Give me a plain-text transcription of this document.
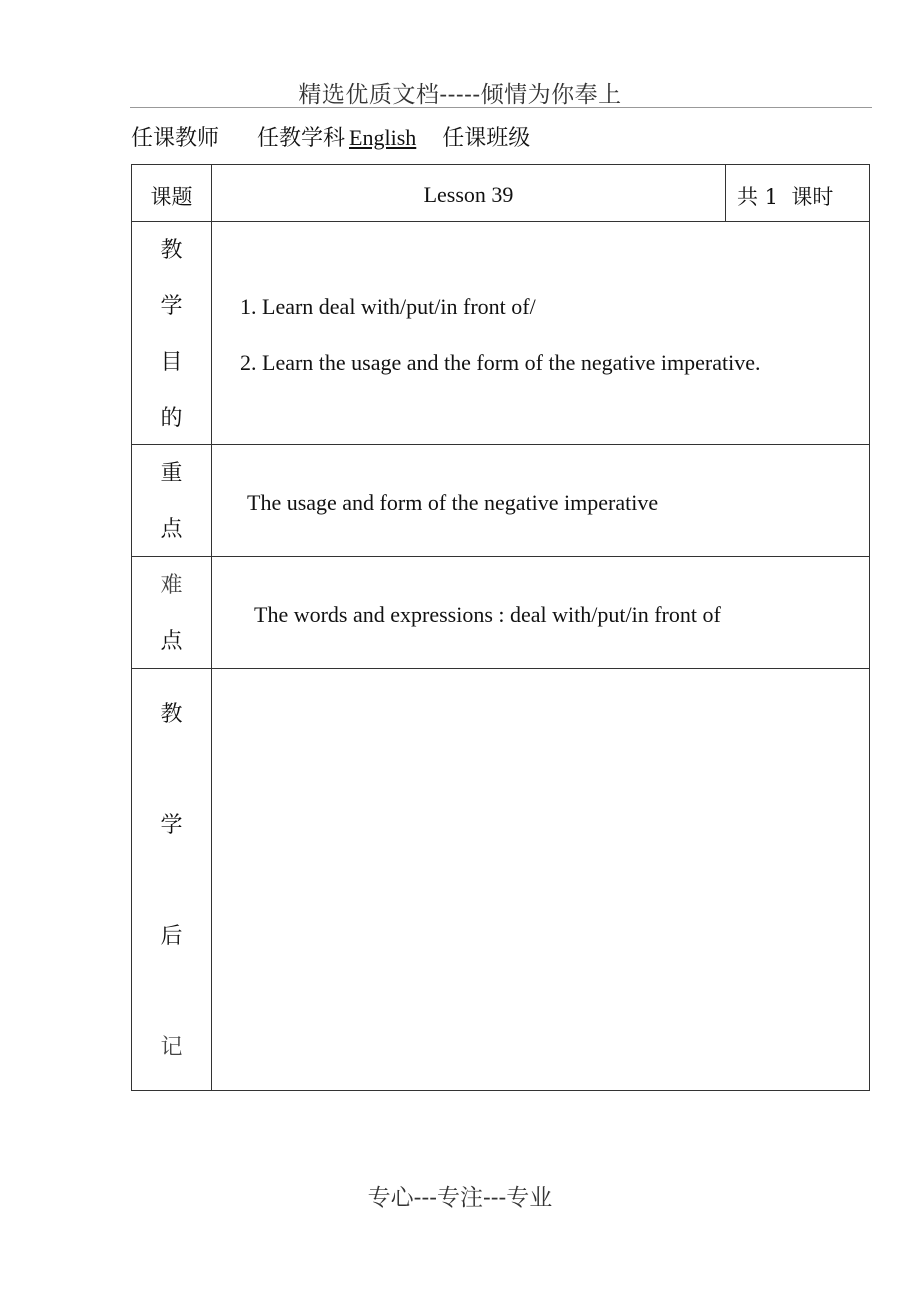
精选优质文档-----倾情为你奉上
任课教师 任教学科 English 任课班级
课题	Lesson 39	共 1  课时
教
学
目
的
1. Learn deal with/put/in front of/
2. Learn the usage and the form of the negative imperative.
重
点
The usage and form of the negative imperative
难
点
The words and expressions : deal with/put/in front of
教
学
后
记
专心---专注---专业
